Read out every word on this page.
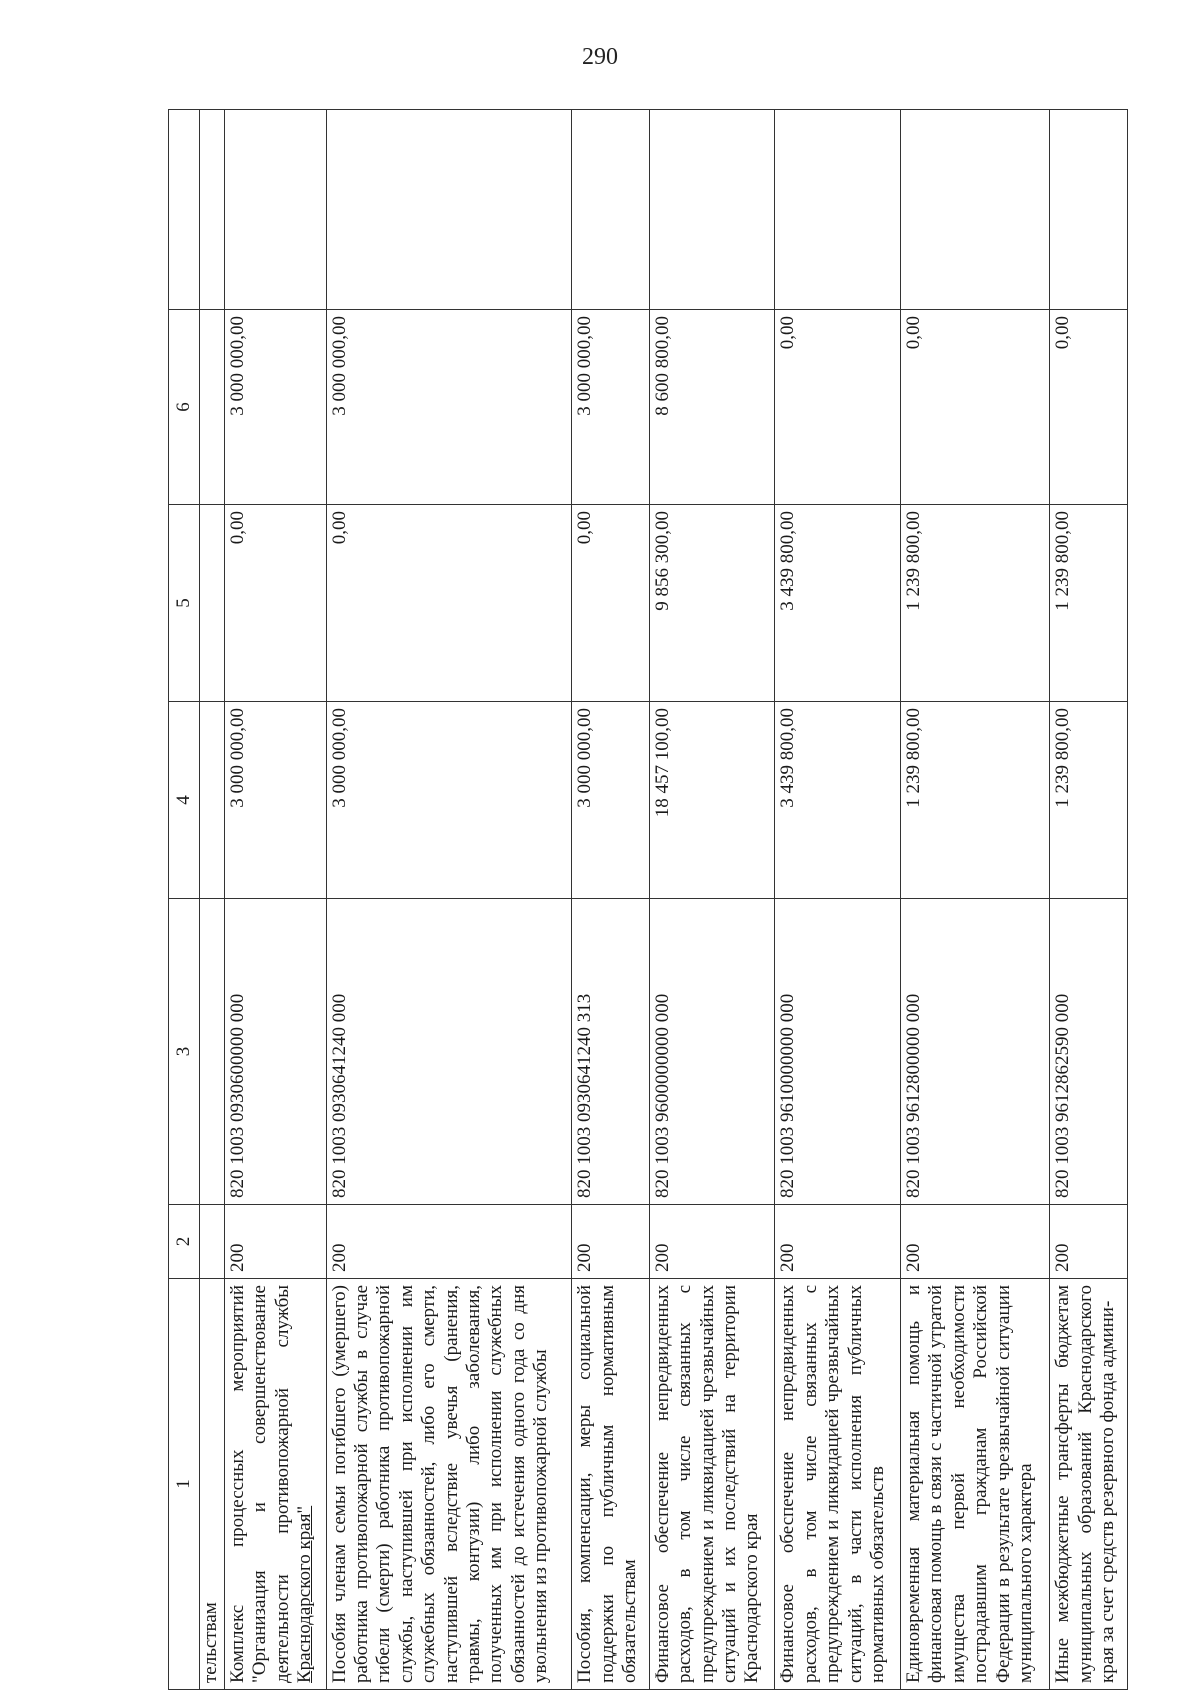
290
1	2	3	4	5	6	
тельствам						
Комплекс процессных мероприятий "Организация и совершенствование деятельности противопожарной службы Краснодарского края"	200	820 1003 0930600000 000	3 000 000,00	0,00	3 000 000,00	
Пособия членам семьи погибшего (умершего) работника противопожарной службы в случае гибели (смерти) работника противопожарной службы, наступившей при исполнении им служебных обязанностей, либо его смерти, наступившей вследствие увечья (ранения, травмы, контузии) либо заболевания, полученных им при исполнении служебных обязанностей до истечения одного года со дня увольнения из противопожарной службы	200	820 1003 0930641240 000	3 000 000,00	0,00	3 000 000,00	
Пособия, компенсации, меры социальной поддержки по публичным нормативным обязательствам	200	820 1003 0930641240 313	3 000 000,00	0,00	3 000 000,00	
Финансовое обеспечение непредвиденных расходов, в том числе связанных с предупреждением и ликвидацией чрезвычайных ситуаций и их последствий на территории Краснодарского края	200	820 1003 9600000000 000	18 457 100,00	9 856 300,00	8 600 800,00	
Финансовое обеспечение непредвиденных расходов, в том числе связанных с предупреждением и ликвидацией чрезвычайных ситуаций, в части исполнения публичных нормативных обязательств	200	820 1003 9610000000 000	3 439 800,00	3 439 800,00	0,00	
Единовременная материальная помощь и финансовая помощь в связи с частичной утратой имущества первой необходимости пострадавшим гражданам Российской Федерации в результате чрезвычайной ситуации муниципального характера	200	820 1003 9612800000 000	1 239 800,00	1 239 800,00	0,00	
Иные межбюджетные трансферты бюджетам муниципальных образований Краснодарского края за счет средств резервного фонда админи-	200	820 1003 9612862590 000	1 239 800,00	1 239 800,00	0,00	
